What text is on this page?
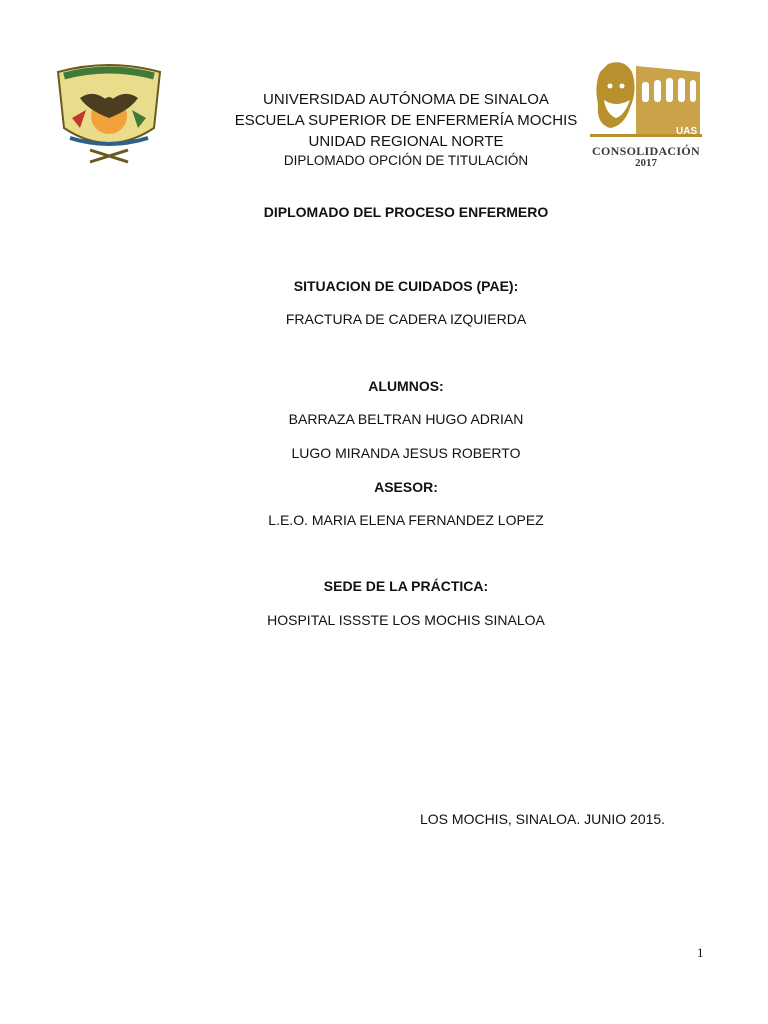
UAS
CONSOLIDACIÓN
2017
UNIVERSIDAD AUTÓNOMA DE SINALOA
ESCUELA SUPERIOR DE ENFERMERÍA MOCHIS
UNIDAD REGIONAL NORTE
DIPLOMADO OPCIÓN DE TITULACIÓN
DIPLOMADO DEL PROCESO ENFERMERO
SITUACION DE CUIDADOS (PAE):
FRACTURA DE CADERA IZQUIERDA
ALUMNOS:
BARRAZA BELTRAN HUGO ADRIAN
LUGO MIRANDA JESUS ROBERTO
ASESOR:
L.E.O. MARIA ELENA FERNANDEZ LOPEZ
SEDE DE LA PRÁCTICA:
HOSPITAL ISSSTE LOS MOCHIS SINALOA
LOS MOCHIS, SINALOA. JUNIO 2015.
1
